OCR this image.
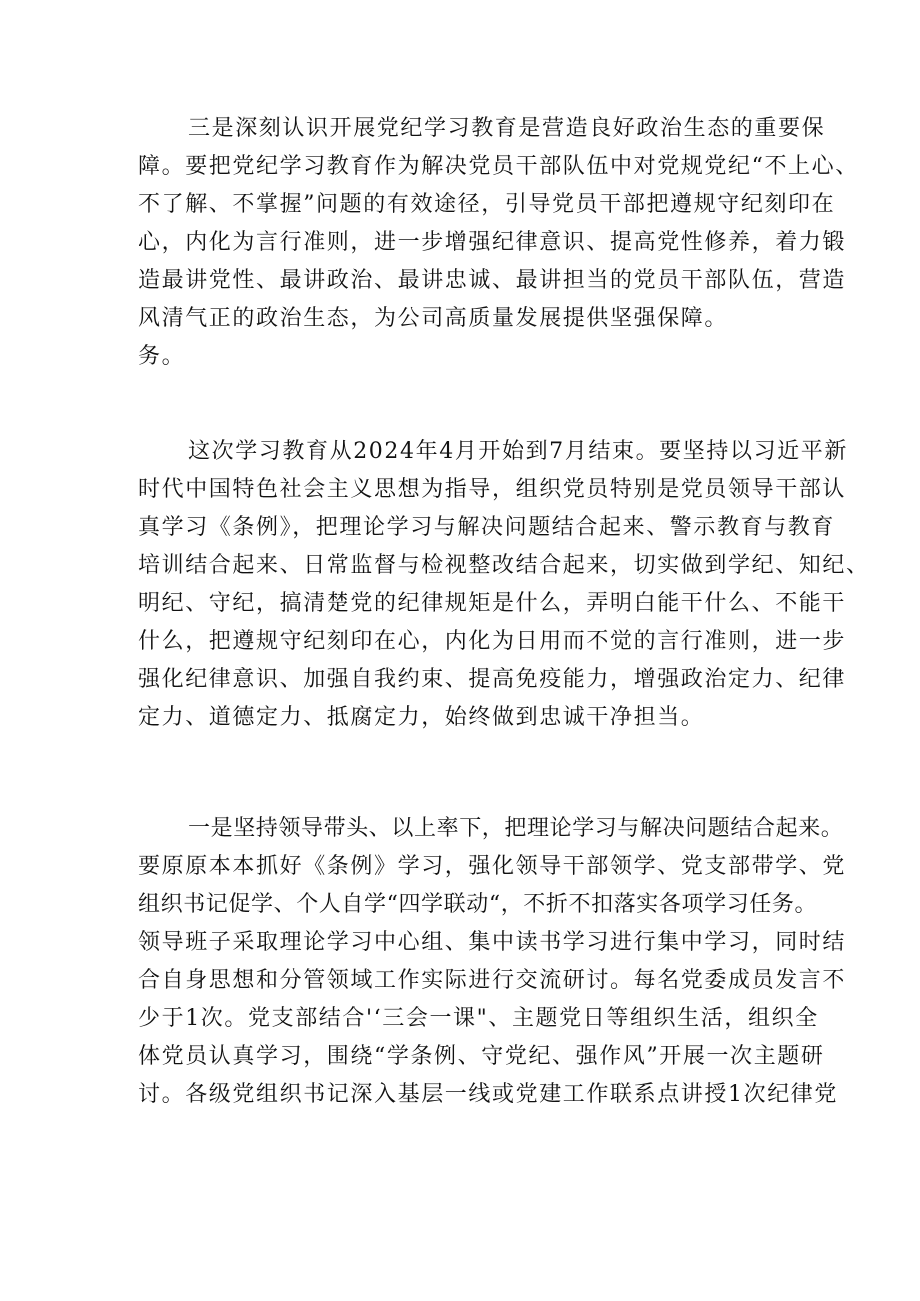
三是深刻认识开展党纪学习教育是营造良好政治生态的重要保
障。要把党纪学习教育作为解决党员干部队伍中对党规党纪“不上心、
不了解、不掌握”问题的有效途径，引导党员干部把遵规守纪刻印在
心，内化为言行准则，进一步增强纪律意识、提高党性修养，着力锻
造最讲党性、最讲政治、最讲忠诚、最讲担当的党员干部队伍，营造
风清气正的政治生态，为公司高质量发展提供坚强保障。
务。
这次学习教育从2024年4月开始到7月结束。要坚持以习近平新
时代中国特色社会主义思想为指导，组织党员特别是党员领导干部认
真学习《条例》，把理论学习与解决问题结合起来、警示教育与教育
培训结合起来、日常监督与检视整改结合起来，切实做到学纪、知纪、
明纪、守纪，搞清楚党的纪律规矩是什么，弄明白能干什么、不能干
什么，把遵规守纪刻印在心，内化为日用而不觉的言行准则，进一步
强化纪律意识、加强自我约束、提高免疫能力，增强政治定力、纪律
定力、道德定力、抵腐定力，始终做到忠诚干净担当。
一是坚持领导带头、以上率下，把理论学习与解决问题结合起来。
要原原本本抓好《条例》学习，强化领导干部领学、党支部带学、党
组织书记促学、个人自学“四学联动“，不折不扣落实各项学习任务。
领导班子采取理论学习中心组、集中读书学习进行集中学习，同时结
合自身思想和分管领域工作实际进行交流研讨。每名党委成员发言不
少于1次。党支部结合'‘三会一课"、主题党日等组织生活，组织全
体党员认真学习，围绕“学条例、守党纪、强作风”开展一次主题研
讨。各级党组织书记深入基层一线或党建工作联系点讲授1次纪律党
